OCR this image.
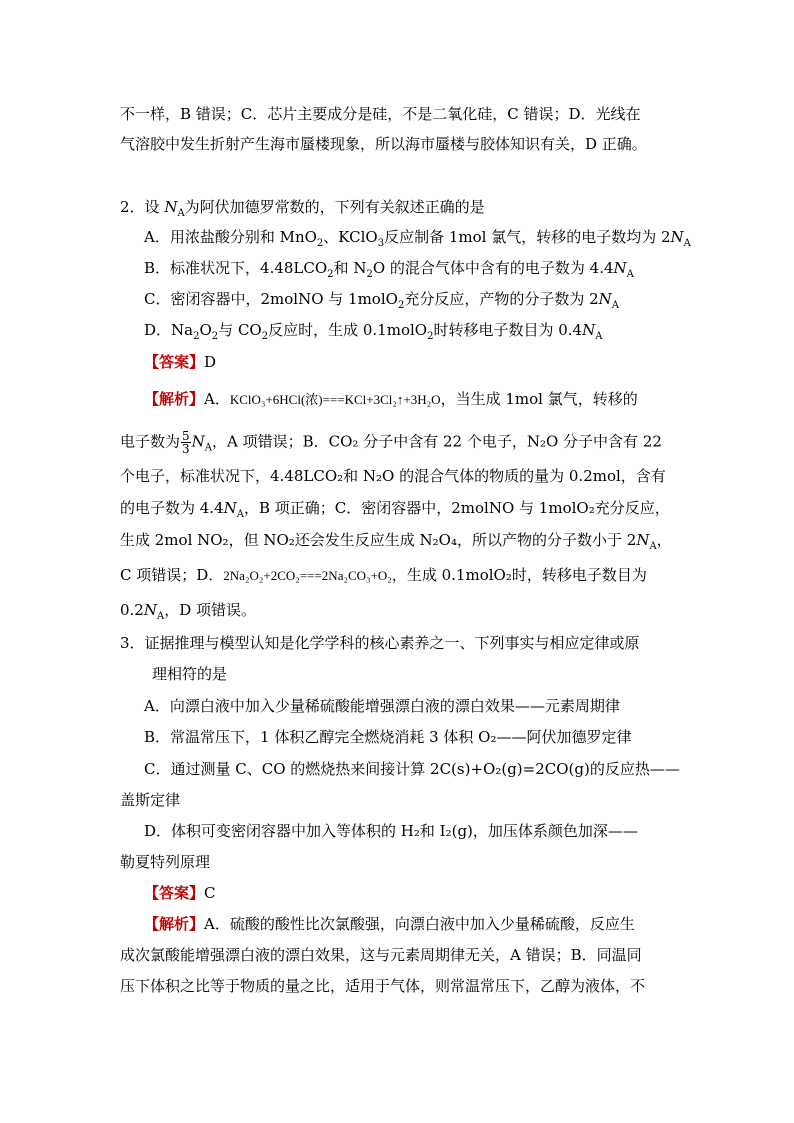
不一样，B 错误；C．芯片主要成分是硅，不是二氧化硅，C 错误；D．光线在
气溶胶中发生折射产生海市蜃楼现象，所以海市蜃楼与胶体知识有关，D 正确。
2．设 $N_A$为阿伏加德罗常数的，下列有关叙述正确的是
A．用浓盐酸分别和 MnO$_2$、KClO$_3$反应制备 1mol 氯气，转移的电子数均为 $2N_A$
B．标准状况下，$4.48LCO_2$和 $N_2O$ 的混合气体中含有的电子数为 $4.4N_A$
C．密闭容器中，2molNO 与 1molO$_2$充分反应，产物的分子数为 $2N_A$
D．$Na_2O_2$与 $CO_2$反应时，生成 0.1molO$_2$时转移电子数目为 $0.4N_A$
【答案】D
【解析】A．KClO₃+6HCl(浓)===KCl+3Cl₂↑+3H₂O，当生成 1mol 氯气，转移的
电子数为 $\frac{5}{3} N_A$，A 项错误；B．CO₂ 分子中含有 22 个电子，N₂O 分子中含有 22
个电子，标准状况下，4.48LCO₂和 N₂O 的混合气体的物质的量为 0.2mol，含有
的电子数为 $4.4N_A$，B 项正确；C．密闭容器中，2molNO 与 1molO₂充分反应，
生成 2mol NO₂，但 NO₂还会发生反应生成 N₂O₄，所以产物的分子数小于 $2N_A$，
C 项错误；D．2Na₂O₂+2CO₂===2Na₂CO₃+O₂，生成 0.1molO₂时，转移电子数目为
$0.2N_A$，D 项错误。
3．证据推理与模型认知是化学学科的核心素养之一、下列事实与相应定律或原
理相符的是
A．向漂白液中加入少量稀硫酸能增强漂白液的漂白效果——元素周期律
B．常温常压下，1 体积乙醇完全燃烧消耗 3 体积 O₂——阿伏加德罗定律
C．通过测量 C、CO 的燃烧热来间接计算 2C(s)+O₂(g)=2CO(g)的反应热——
盖斯定律
D．体积可变密闭容器中加入等体积的 H₂和 I₂(g)，加压体系颜色加深——
勒夏特列原理
【答案】C
【解析】A．硫酸的酸性比次氯酸强，向漂白液中加入少量稀硫酸，反应生
成次氯酸能增强漂白液的漂白效果，这与元素周期律无关，A 错误；B．同温同
压下体积之比等于物质的量之比，适用于气体，则常温常压下，乙醇为液体，不
